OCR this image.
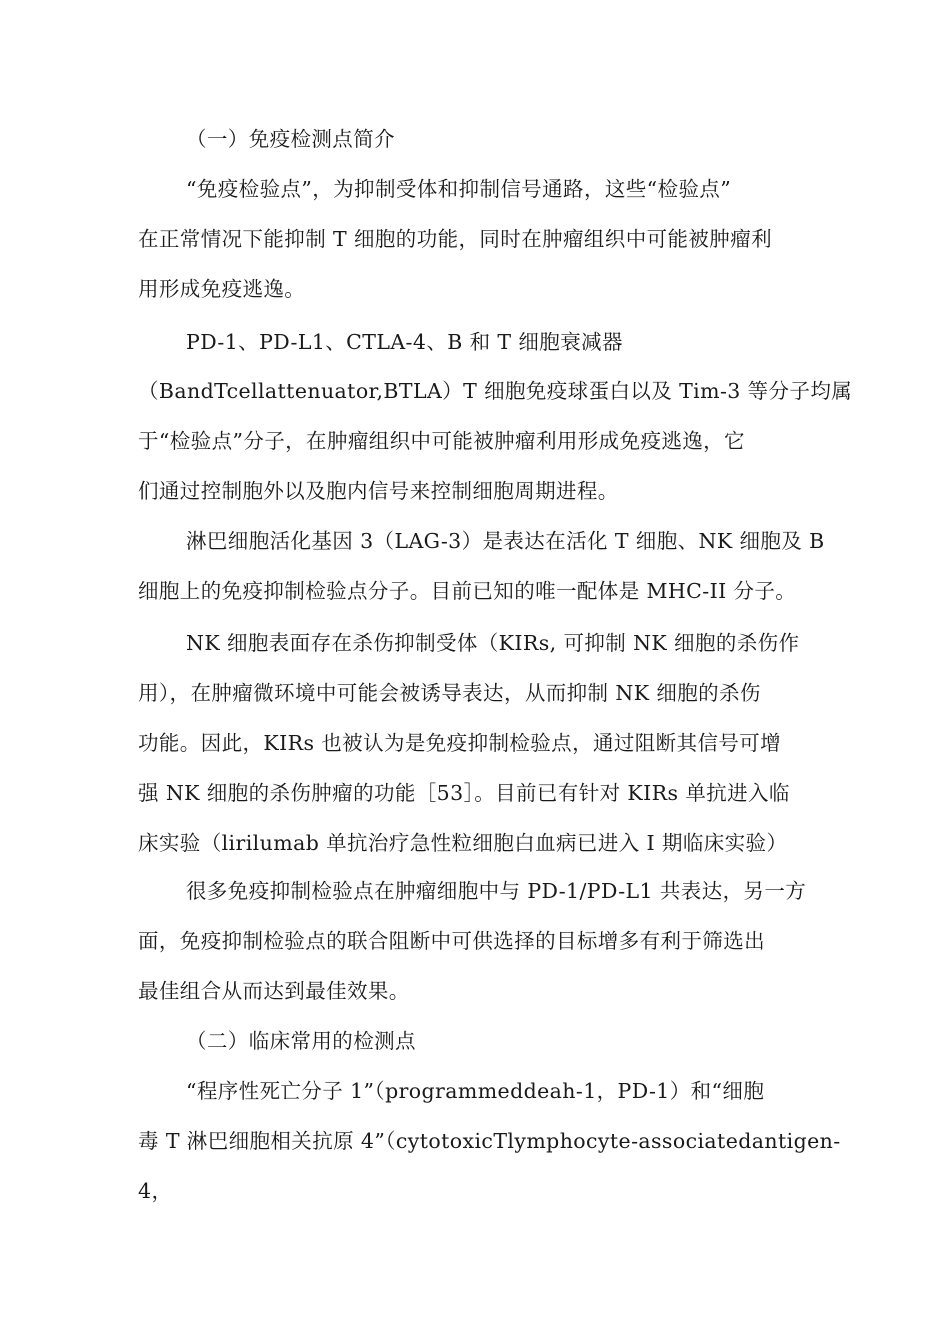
（一）免疫检测点简介
“免疫检验点”，为抑制受体和抑制信号通路，这些“检验点”
在正常情况下能抑制 T 细胞的功能，同时在肿瘤组织中可能被肿瘤利
用形成免疫逃逸。
PD-1、PD-L1、CTLA-4、B 和 T 细胞衰减器
（BandTcellattenuator,BTLA）T 细胞免疫球蛋白以及 Tim-3 等分子均属
于“检验点”分子，在肿瘤组织中可能被肿瘤利用形成免疫逃逸，它
们通过控制胞外以及胞内信号来控制细胞周期进程。
淋巴细胞活化基因 3（LAG-3）是表达在活化 T 细胞、NK 细胞及 B
细胞上的免疫抑制检验点分子。目前已知的唯一配体是 MHC-II 分子。
NK 细胞表面存在杀伤抑制受体（KIRs, 可抑制 NK 细胞的杀伤作
用），在肿瘤微环境中可能会被诱导表达，从而抑制 NK 细胞的杀伤
功能。因此，KIRs 也被认为是免疫抑制检验点，通过阻断其信号可增
强 NK 细胞的杀伤肿瘤的功能［53］。目前已有针对 KIRs 单抗进入临
床实验（lirilumab 单抗治疗急性粒细胞白血病已进入 I 期临床实验）
很多免疫抑制检验点在肿瘤细胞中与 PD-1/PD-L1 共表达，另一方
面，免疫抑制检验点的联合阻断中可供选择的目标增多有利于筛选出
最佳组合从而达到最佳效果。
（二）临床常用的检测点
“程序性死亡分子 1”（programmeddeah-1，PD-1）和“细胞
毒 T 淋巴细胞相关抗原 4”（cytotoxicTlymphocyte-associatedantigen-
4，
